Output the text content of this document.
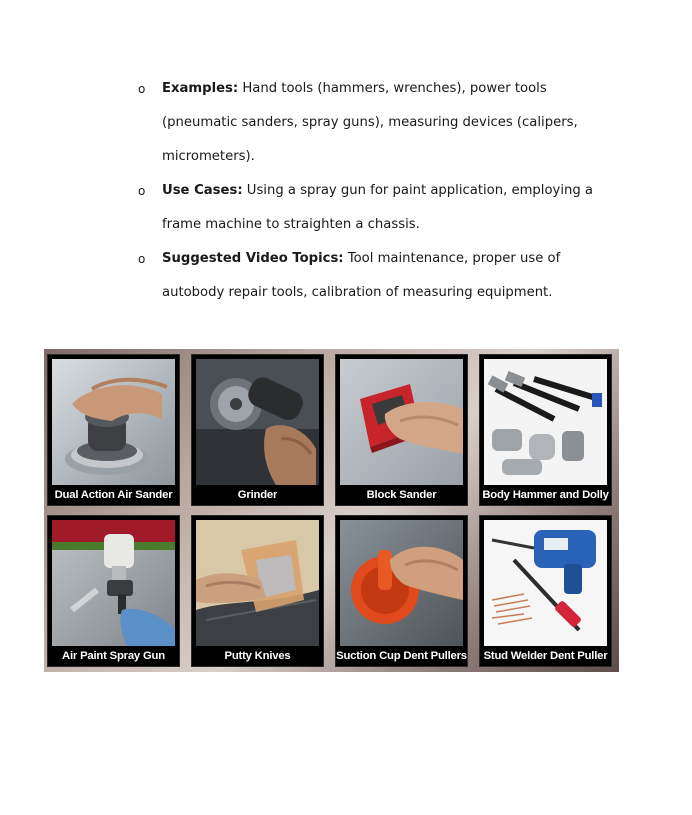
o Examples: Hand tools (hammers, wrenches), power tools
(pneumatic sanders, spray guns), measuring devices (calipers,
micrometers).
o Use Cases: Using a spray gun for paint application, employing a
frame machine to straighten a chassis.
o Suggested Video Topics: Tool maintenance, proper use of
autobody repair tools, calibration of measuring equipment.
Dual Action Air Sander	Grinder	Block Sander	Body Hammer and Dolly
Air Paint Spray Gun	Putty Knives	Suction Cup Dent Pullers	Stud Welder Dent Puller
